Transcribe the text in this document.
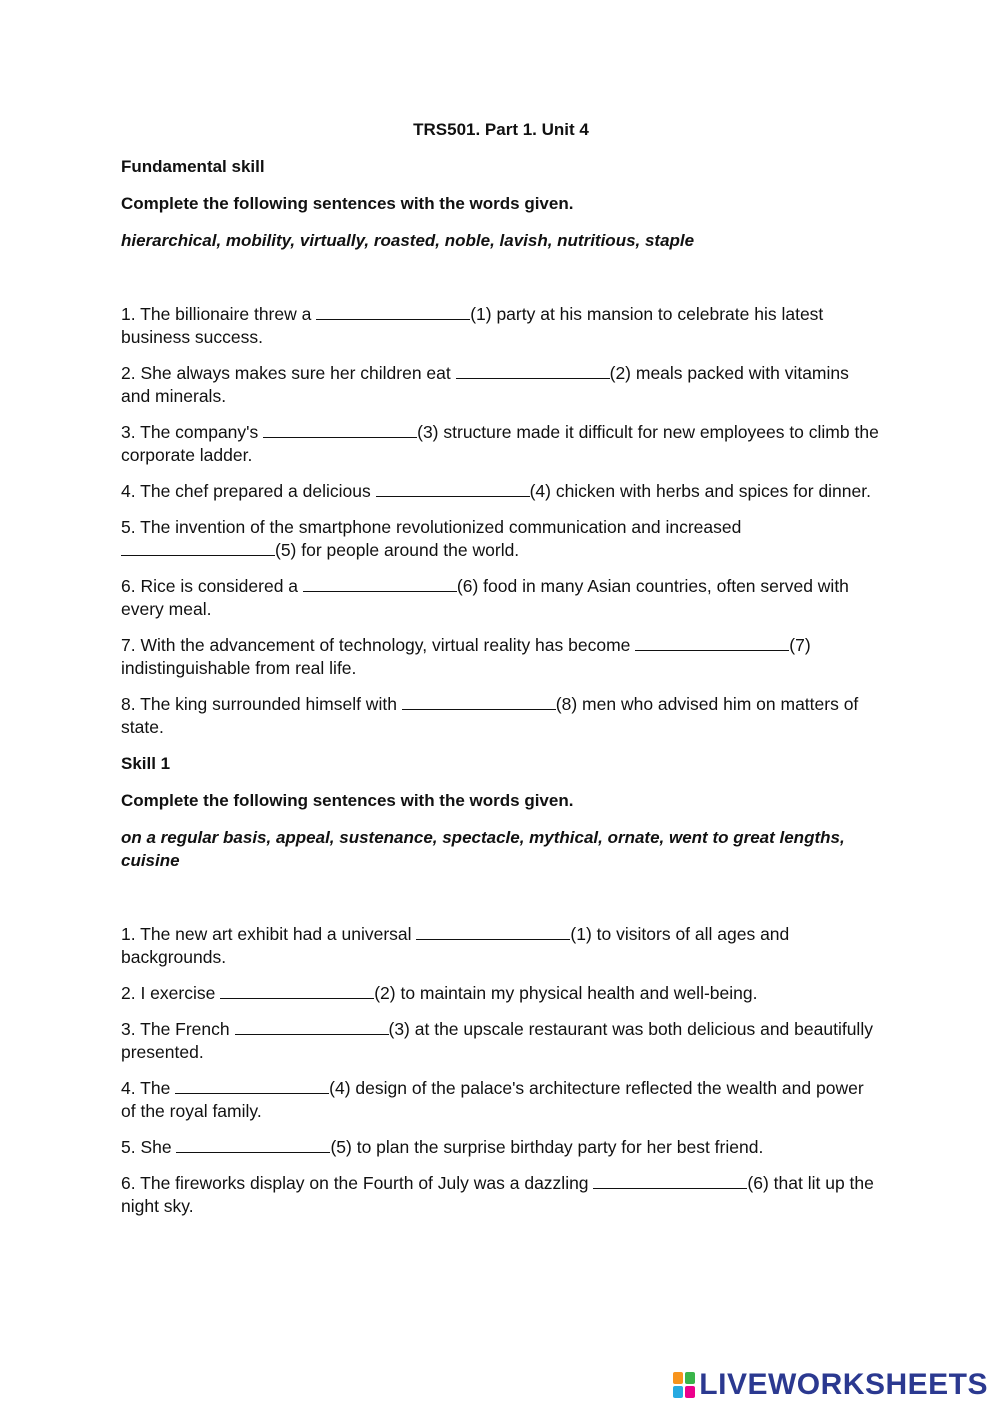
TRS501. Part 1. Unit 4
Fundamental skill
Complete the following sentences with the words given.
hierarchical, mobility, virtually, roasted, noble, lavish, nutritious, staple
1. The billionaire threw a	(1) party at his mansion to celebrate his latest business success.
2. She always makes sure her children eat	(2) meals packed with vitamins and minerals.
3. The company's	(3) structure made it difficult for new employees to climb the corporate ladder.
4. The chef prepared a delicious	(4) chicken with herbs and spices for dinner.
5. The invention of the smartphone revolutionized communication and increased (5) for people around the world.
6. Rice is considered a	(6) food in many Asian countries, often served with every meal.
7. With the advancement of technology, virtual reality has become	(7) indistinguishable from real life.
8. The king surrounded himself with	(8) men who advised him on matters of state.
Skill 1
Complete the following sentences with the words given.
on a regular basis, appeal, sustenance, spectacle, mythical, ornate, went to great lengths, cuisine
1. The new art exhibit had a universal	(1) to visitors of all ages and backgrounds.
2. I exercise	(2) to maintain my physical health and well-being.
3. The French	(3) at the upscale restaurant was both delicious and beautifully presented.
4. The	(4) design of the palace's architecture reflected the wealth and power of the royal family.
5. She	(5) to plan the surprise birthday party for her best friend.
6. The fireworks display on the Fourth of July was a dazzling	(6) that lit up the night sky.
LIVEWORKSHEETS
